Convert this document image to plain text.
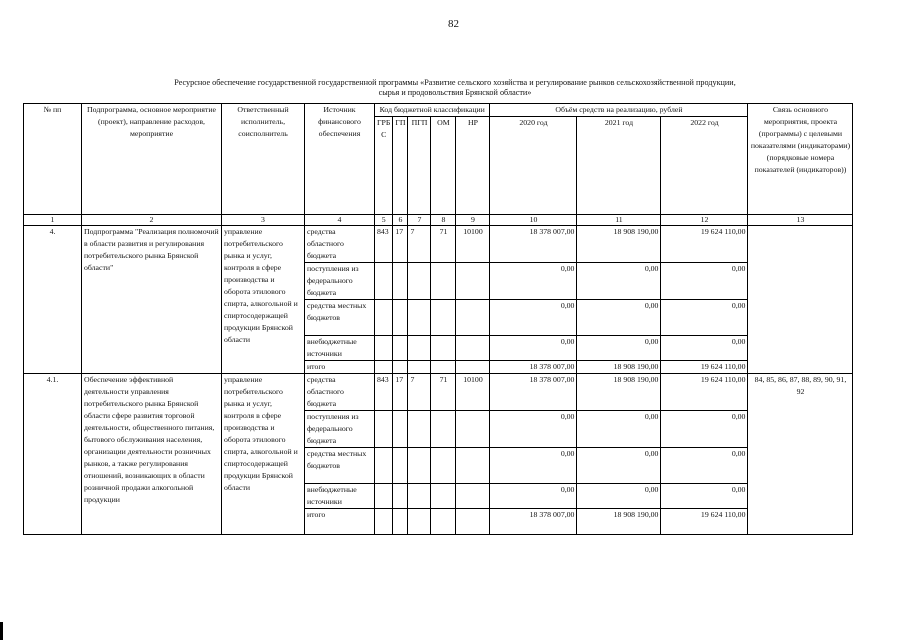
82
Ресурсное обеспечение государственной государственной программы «Развитие сельского хозяйства и регулирование рынков сельскохозяйственной продукции,
сырья и продовольствия Брянской области»
№ пп	Подпрограмма, основное мероприятие (проект), направление расходов, мероприятие	Ответственный исполнитель, соисполнитель	Источник финансового обеспечения	Код бюджетной классификации					Объём средств на реализацию, рублей			Связь основного мероприятия, проекта (программы) с целевыми показателями (индикаторами) (порядковые номера показателей (индикаторов))
				ГРБ С	ГП	ПГП	ОМ	НР	2020 год	2021 год	2022 год	
1	2	3	4	5	6	7	8	9	10	11	12	13
4.	Подпрограмма "Реализация полномочий в области развития и регулирования потребительского рынка Брянской области"	управление потребительского рынка и услуг, контроля в сфере производства и оборота этилового спирта, алкогольной и спиртосодержащей продукции Брянской области	средства областного бюджета	843	17	7	71	10100	18 378 007,00	18 908 190,00	19 624 110,00	
			поступления из федерального бюджета						0,00	0,00	0,00	
			средства местных бюджетов						0,00	0,00	0,00	
			внебюджетные источники						0,00	0,00	0,00	
			итого						18 378 007,00	18 908 190,00	19 624 110,00	
4.1.	Обеспечение эффективной деятельности управления потребительского рынка Брянской области сфере развития торговой деятельности, общественного питания, бытового обслуживания населения, организации деятельности розничных рынков, а также регулирования отношений, возникающих в области розничной продажи алкогольной продукции	управление потребительского рынка и услуг, контроля в сфере производства и оборота этилового спирта, алкогольной и спиртосодержащей продукции Брянской области	средства областного бюджета	843	17	7	71	10100	18 378 007,00	18 908 190,00	19 624 110,00	84, 85, 86, 87, 88, 89, 90, 91, 92
			поступления из федерального бюджета						0,00	0,00	0,00	
			средства местных бюджетов						0,00	0,00	0,00	
			внебюджетные источники						0,00	0,00	0,00	
			итого						18 378 007,00	18 908 190,00	19 624 110,00	
